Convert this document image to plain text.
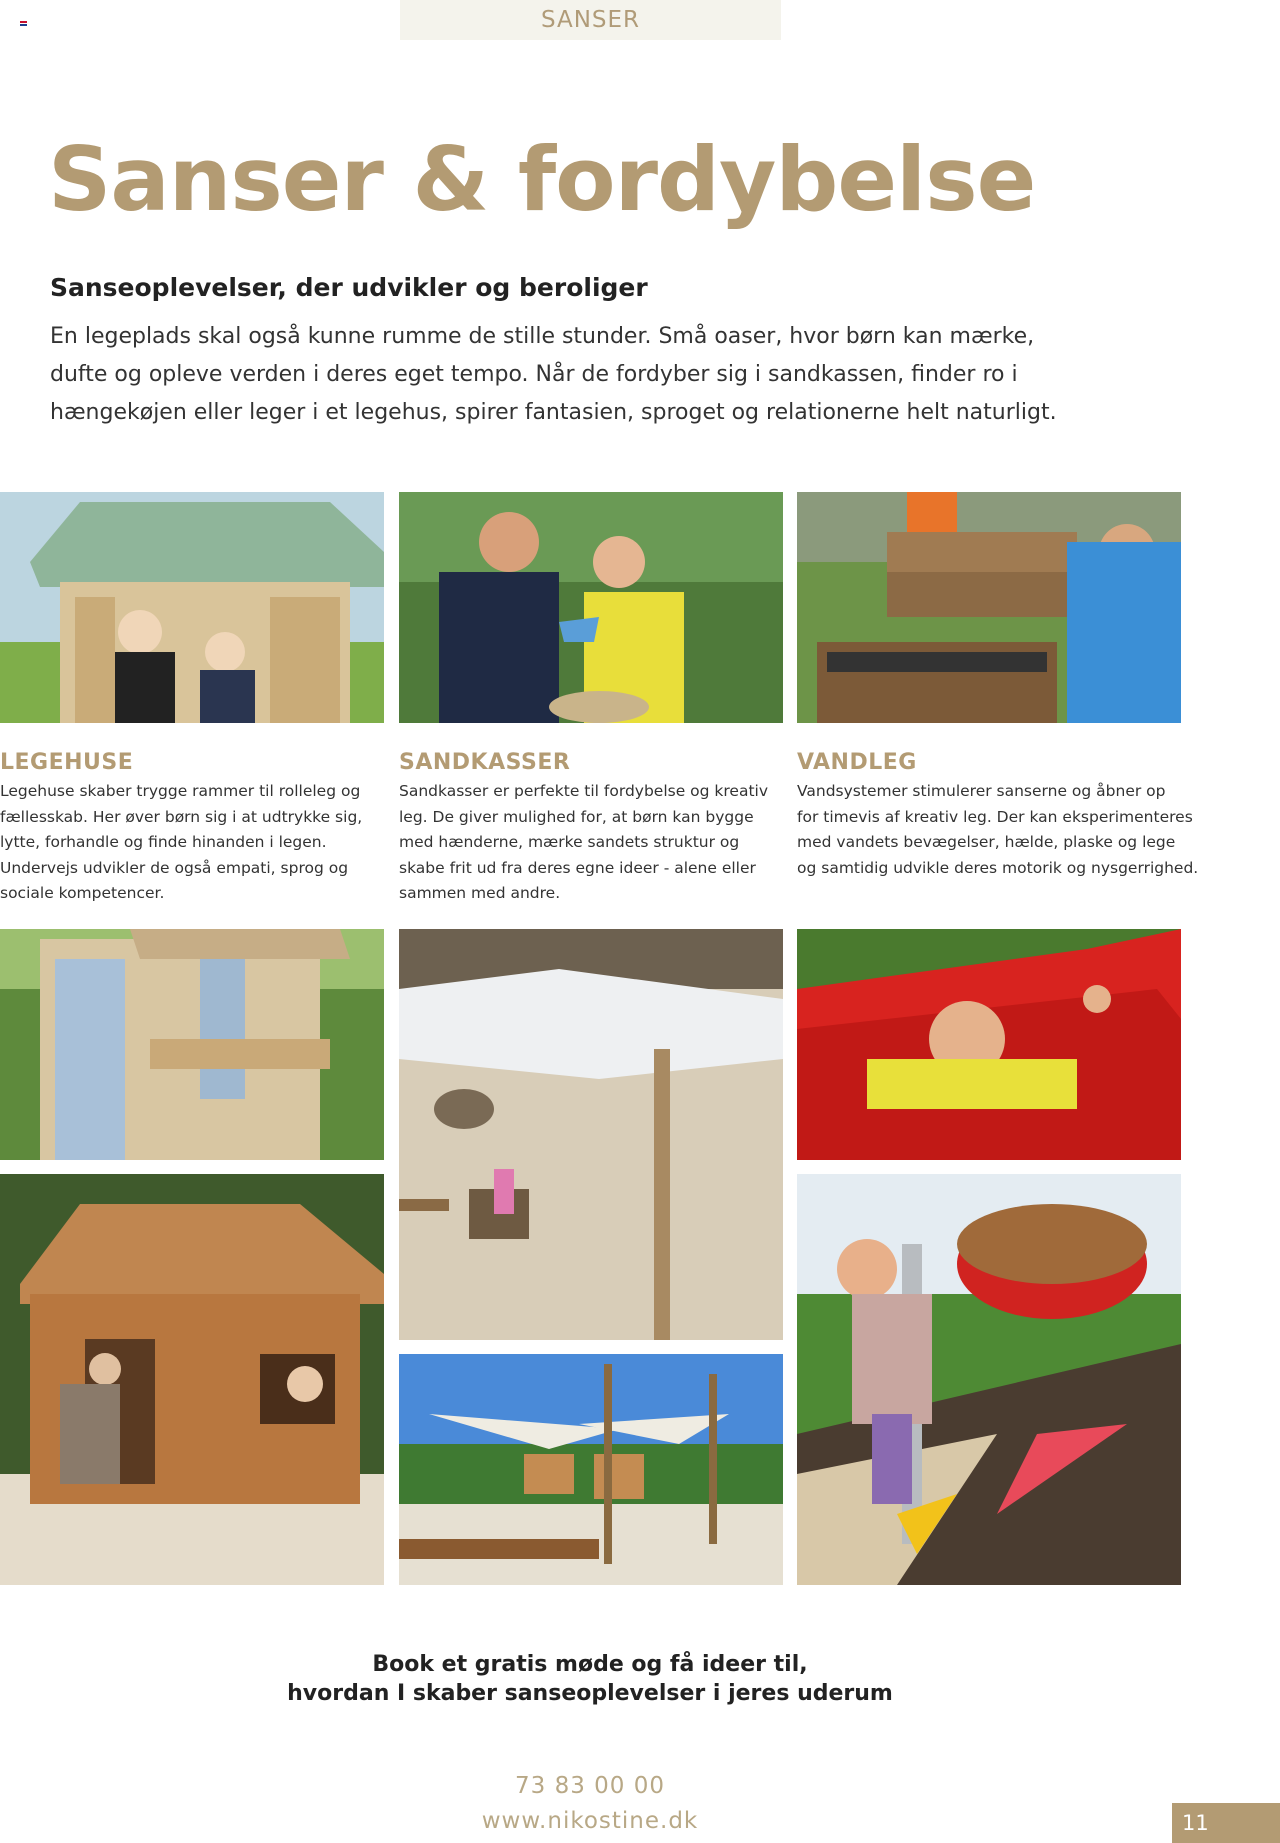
SANSER
Sanser & fordybelse
Sanseoplevelser, der udvikler og beroliger

En legeplads skal også kunne rumme de stille stunder. Små oaser, hvor børn kan mærke,

dufte og opleve verden i deres eget tempo. Når de fordyber sig i sandkassen, finder ro i

hængekøjen eller leger i et legehus, spirer fantasien, sproget og relationerne helt naturligt.

LEGEHUSE

Legehuse skaber trygge rammer til rolleleg og

fællesskab. Her øver børn sig i at udtrykke sig,

lytte, forhandle og finde hinanden i legen.

Undervejs udvikler de også empati, sprog og

sociale kompetencer.

SANDKASSER

Sandkasser er perfekte til fordybelse og kreativ

leg. De giver mulighed for, at børn kan bygge

med hænderne, mærke sandets struktur og

skabe frit ud fra deres egne ideer - alene eller

sammen med andre.

VANDLEG

Vandsystemer stimulerer sanserne og åbner op

for timevis af kreativ leg. Der kan eksperimenteres

med vandets bevægelser, hælde, plaske og lege

og samtidig udvikle deres motorik og nysgerrighed.

Book et gratis møde og få ideer til,

hvordan I skaber sanseoplevelser i jeres uderum

73 83 00 00
www.nikostine.dk	11
